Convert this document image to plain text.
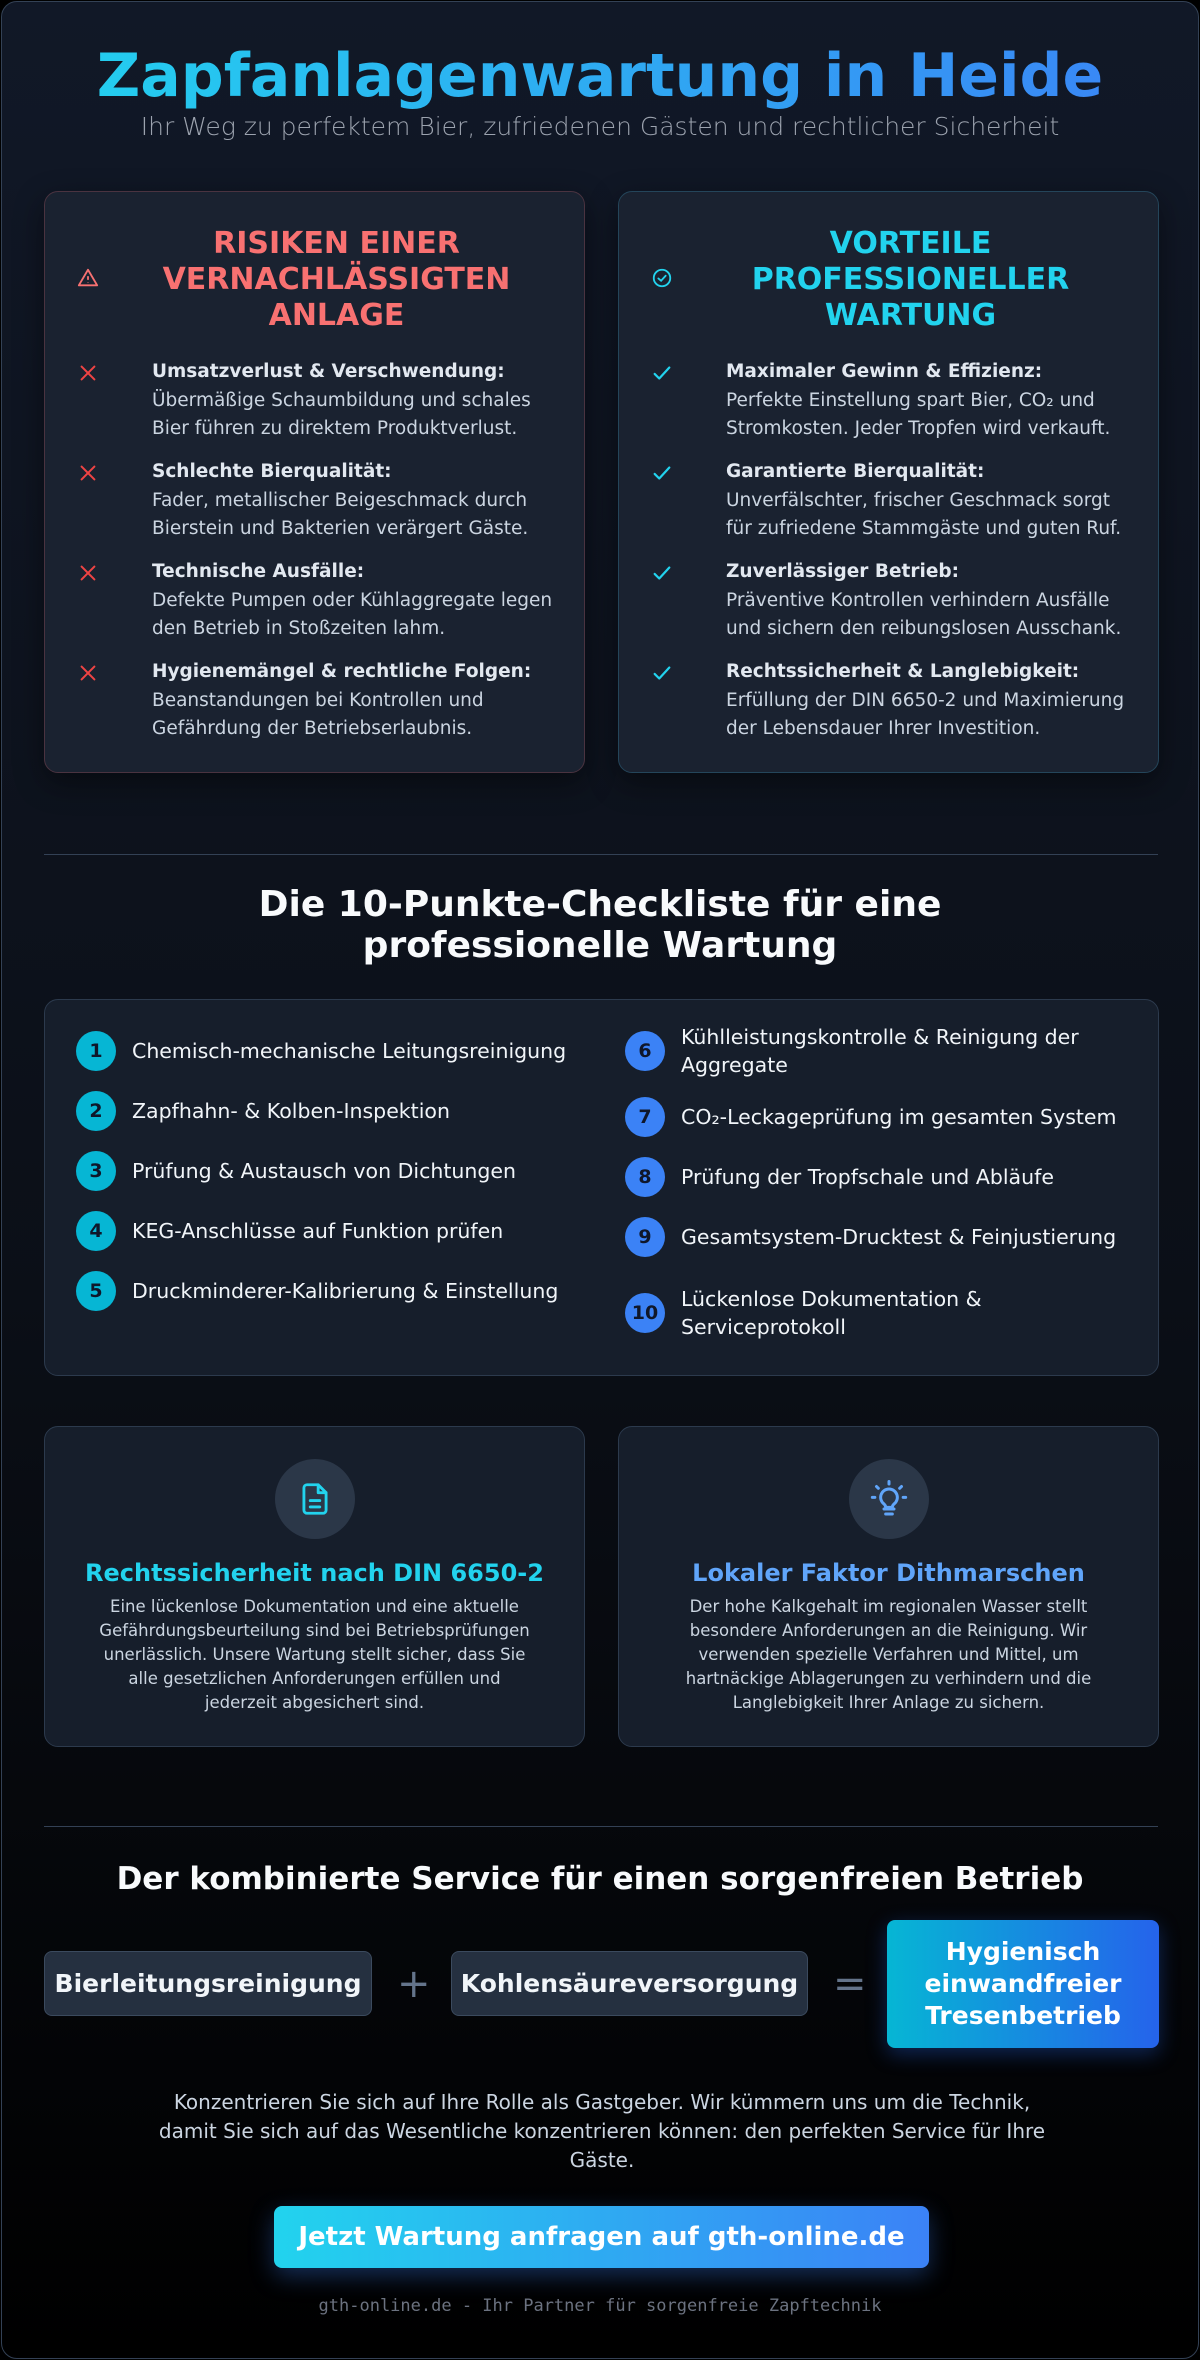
Zapfanlagenwartung in Heide
Ihr Weg zu perfektem Bier, zufriedenen Gästen und rechtlicher Sicherheit
RISIKEN EINER VERNACHLÄSSIGTEN ANLAGE
Umsatzverlust & Verschwendung:
Übermäßige Schaumbildung und schales Bier führen zu direktem Produktverlust.
Schlechte Bierqualität:
Fader, metallischer Beigeschmack durch Bierstein und Bakterien verärgert Gäste.
Technische Ausfälle:
Defekte Pumpen oder Kühlaggregate legen den Betrieb in Stoßzeiten lahm.
Hygienemängel & rechtliche Folgen:
Beanstandungen bei Kontrollen und Gefährdung der Betriebserlaubnis.
VORTEILE PROFESSIONELLER WARTUNG
Maximaler Gewinn & Effizienz:
Perfekte Einstellung spart Bier, CO₂ und Stromkosten. Jeder Tropfen wird verkauft.
Garantierte Bierqualität:
Unverfälschter, frischer Geschmack sorgt für zufriedene Stammgäste und guten Ruf.
Zuverlässiger Betrieb:
Präventive Kontrollen verhindern Ausfälle und sichern den reibungslosen Ausschank.
Rechtssicherheit & Langlebigkeit:
Erfüllung der DIN 6650-2 und Maximierung der Lebensdauer Ihrer Investition.
Die 10-Punkte-Checkliste für eine professionelle Wartung
1	Chemisch-mechanische Leitungsreinigung
2	Zapfhahn- & Kolben-Inspektion
3	Prüfung & Austausch von Dichtungen
4	KEG-Anschlüsse auf Funktion prüfen
5	Druckminderer-Kalibrierung & Einstellung
6
Kühlleistungskontrolle & Reinigung der Aggregate
7	CO₂-Leckageprüfung im gesamten System
8	Prüfung der Tropfschale und Abläufe
9	Gesamtsystem-Drucktest & Feinjustierung
10
Lückenlose Dokumentation & Serviceprotokoll
Rechtssicherheit nach DIN 6650-2
Eine lückenlose Dokumentation und eine aktuelle Gefährdungsbeurteilung sind bei Betriebsprüfungen unerlässlich. Unsere Wartung stellt sicher, dass Sie alle gesetzlichen Anforderungen erfüllen und jederzeit abgesichert sind.
Lokaler Faktor Dithmarschen
Der hohe Kalkgehalt im regionalen Wasser stellt besondere Anforderungen an die Reinigung. Wir verwenden spezielle Verfahren und Mittel, um hartnäckige Ablagerungen zu verhindern und die Langlebigkeit Ihrer Anlage zu sichern.
Der kombinierte Service für einen sorgenfreien Betrieb
Bierleitungsreinigung +	Kohlensäureversorgung =
Hygienisch einwandfreier Tresenbetrieb

Konzentrieren Sie sich auf Ihre Rolle als Gastgeber. Wir kümmern uns um die Technik, damit Sie sich auf das Wesentliche konzentrieren können: den perfekten Service für Ihre Gäste.

Jetzt Wartung anfragen auf gth-online.de
gth-online.de - Ihr Partner für sorgenfreie Zapftechnik
